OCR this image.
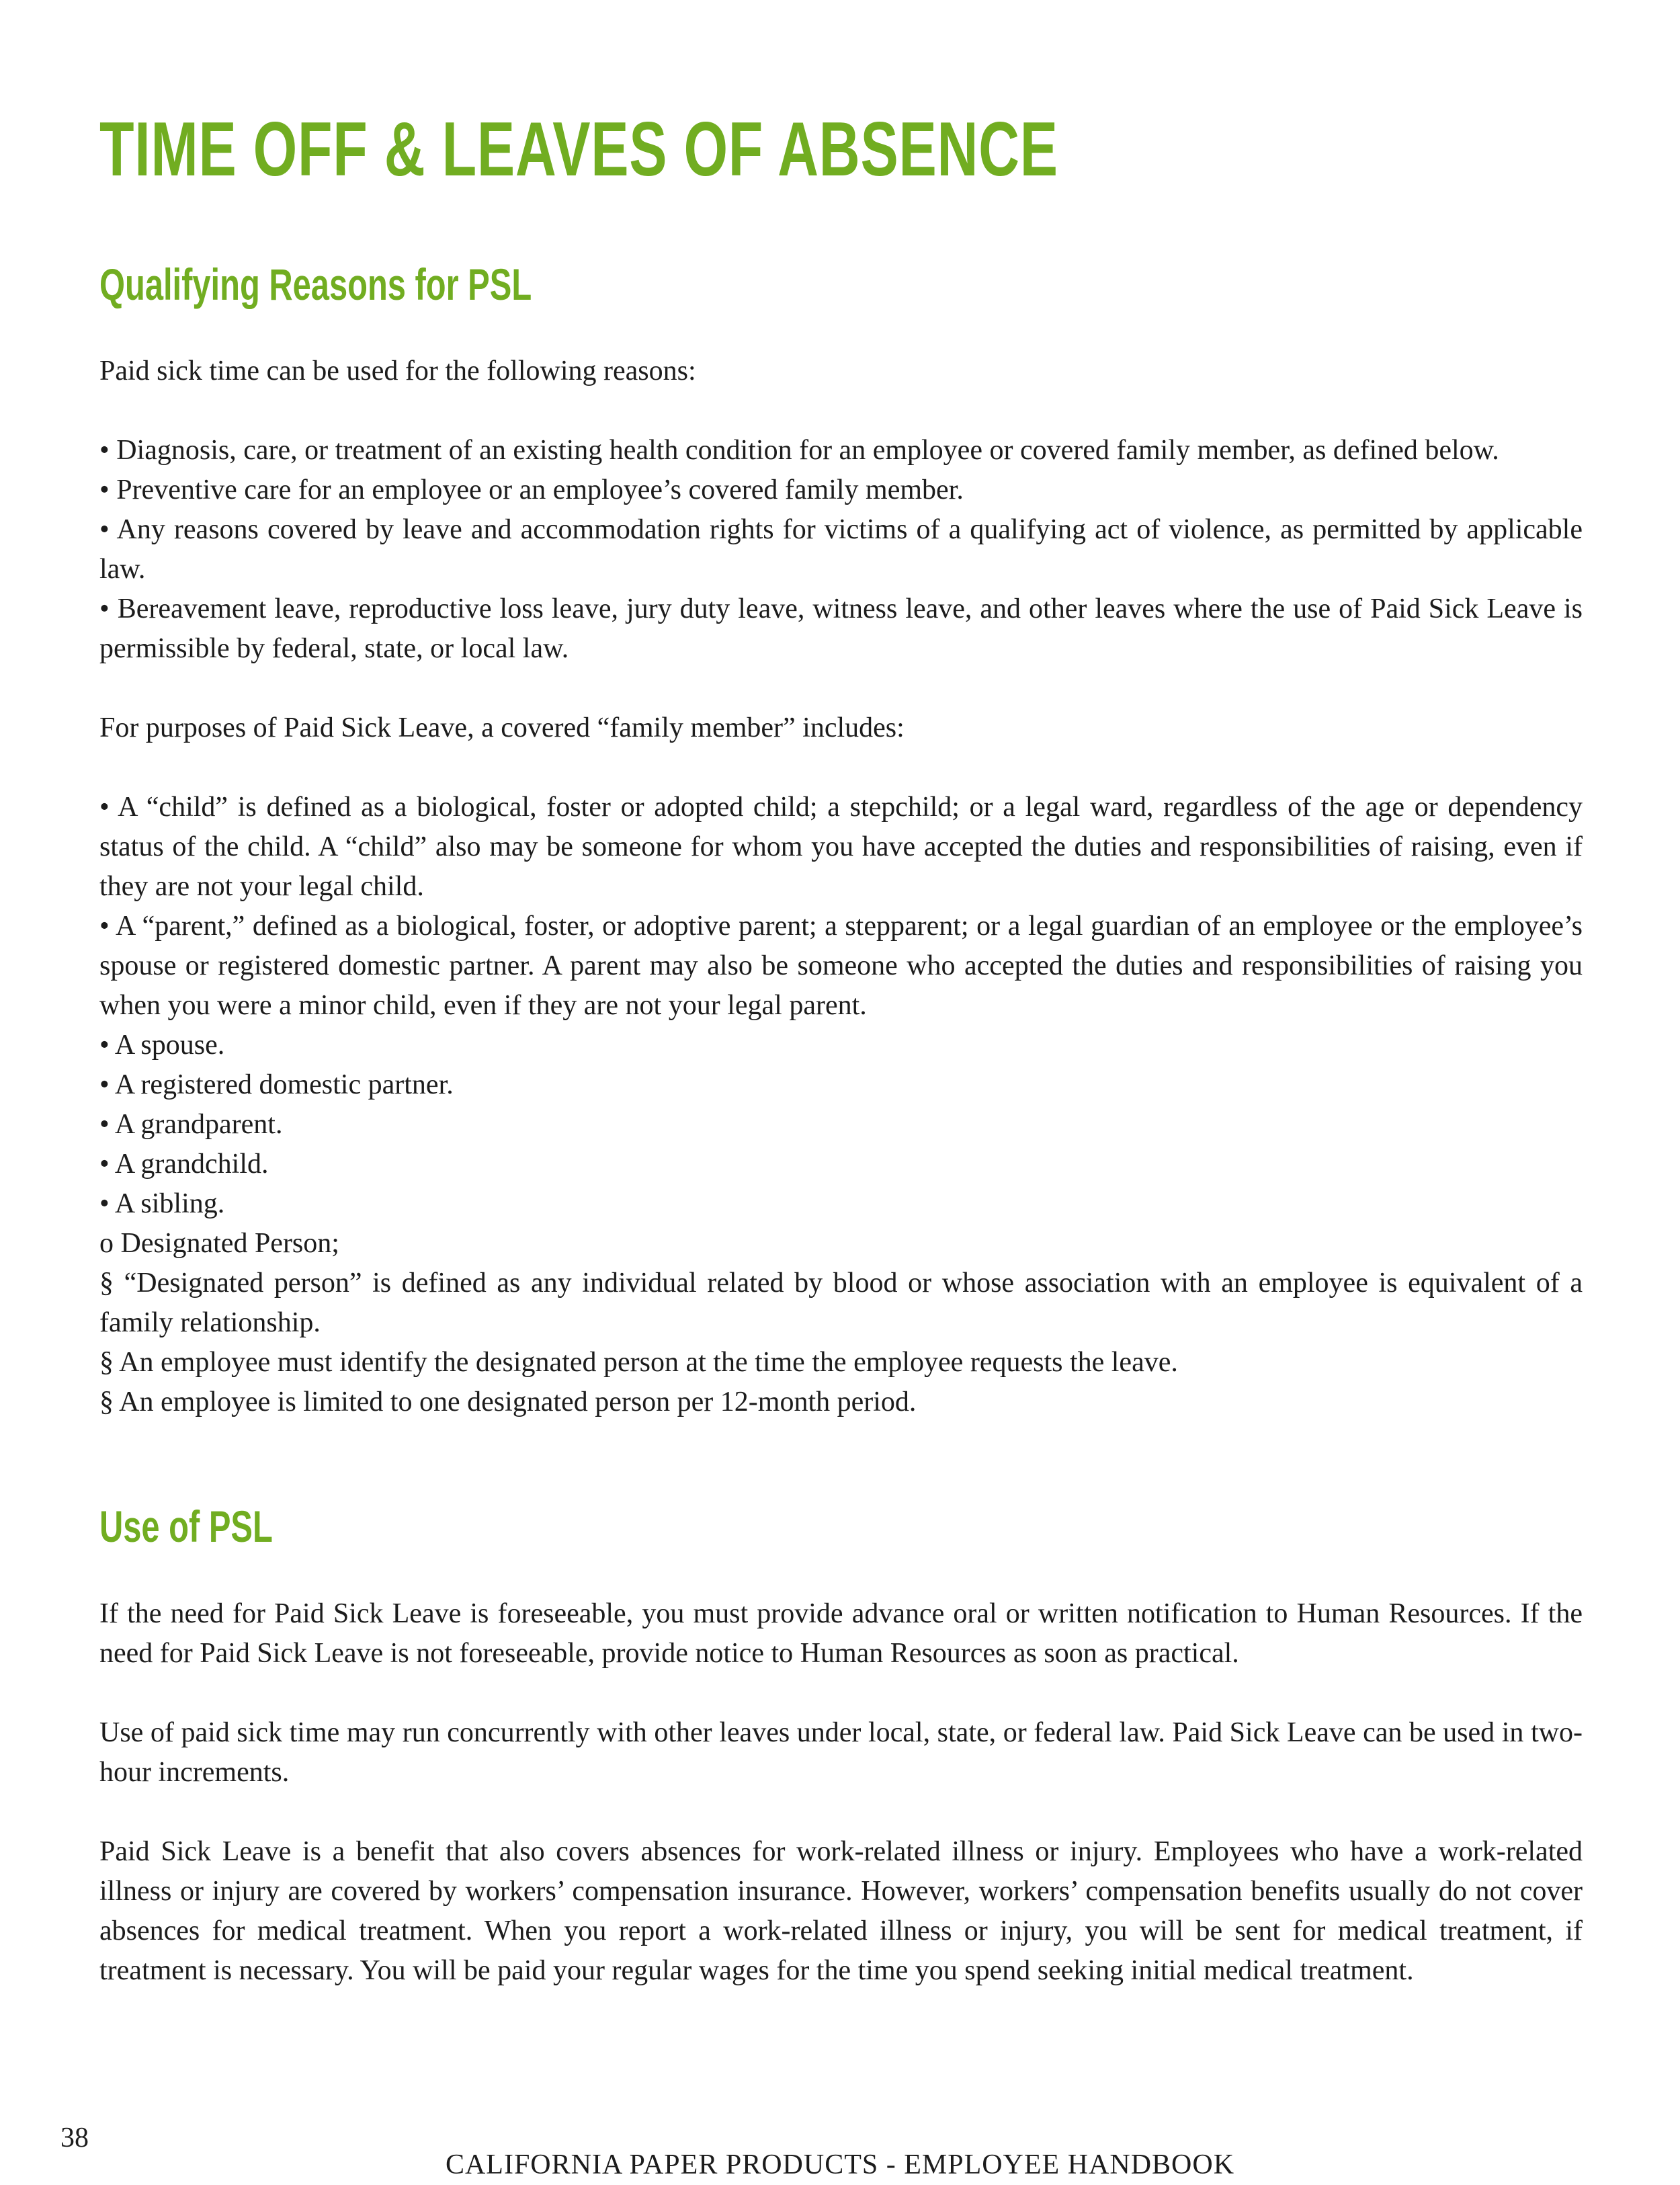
TIME OFF & LEAVES OF ABSENCE
Qualifying Reasons for PSL

Paid sick time can be used for the following reasons:

• Diagnosis, care, or treatment of an existing health condition for an employee or covered family member, as defined below.

• Preventive care for an employee or an employee’s covered family member.

• Any reasons covered by leave and accommodation rights for victims of a qualifying act of violence, as permitted by applicable law.

• Bereavement leave, reproductive loss leave, jury duty leave, witness leave, and other leaves where the use of Paid Sick Leave is permissible by federal, state, or local law.

For purposes of Paid Sick Leave, a covered “family member” includes:

• A “child” is defined as a biological, foster or adopted child; a stepchild; or a legal ward, regardless of the age or dependency status of the child. A “child” also may be someone for whom you have accepted the duties and responsibilities of raising, even if they are not your legal child.

• A “parent,” defined as a biological, foster, or adoptive parent; a stepparent; or a legal guardian of an employee or the employee’s spouse or registered domestic partner. A parent may also be someone who accepted the duties and responsibilities of raising you when you were a minor child, even if they are not your legal parent.

• A spouse.

• A registered domestic partner.

• A grandparent.

• A grandchild.

• A sibling.

o Designated Person;

§ “Designated person” is defined as any individual related by blood or whose association with an employee is equivalent of a family relationship.

§ An employee must identify the designated person at the time the employee requests the leave.

§ An employee is limited to one designated person per 12-month period.

Use of PSL

If the need for Paid Sick Leave is foreseeable, you must provide advance oral or written notification to Human Resources. If the need for Paid Sick Leave is not foreseeable, provide notice to Human Resources as soon as practical.

Use of paid sick time may run concurrently with other leaves under local, state, or federal law. Paid Sick Leave can be used in two-hour increments.

Paid Sick Leave is a benefit that also covers absences for work-related illness or injury. Employees who have a work-related illness or injury are covered by workers’ compensation insurance. However, workers’ compensation benefits usually do not cover absences for medical treatment. When you report a work-related illness or injury, you will be sent for medical treatment, if treatment is necessary. You will be paid your regular wages for the time you spend seeking initial medical treatment.

38
CALIFORNIA PAPER PRODUCTS - EMPLOYEE HANDBOOK
